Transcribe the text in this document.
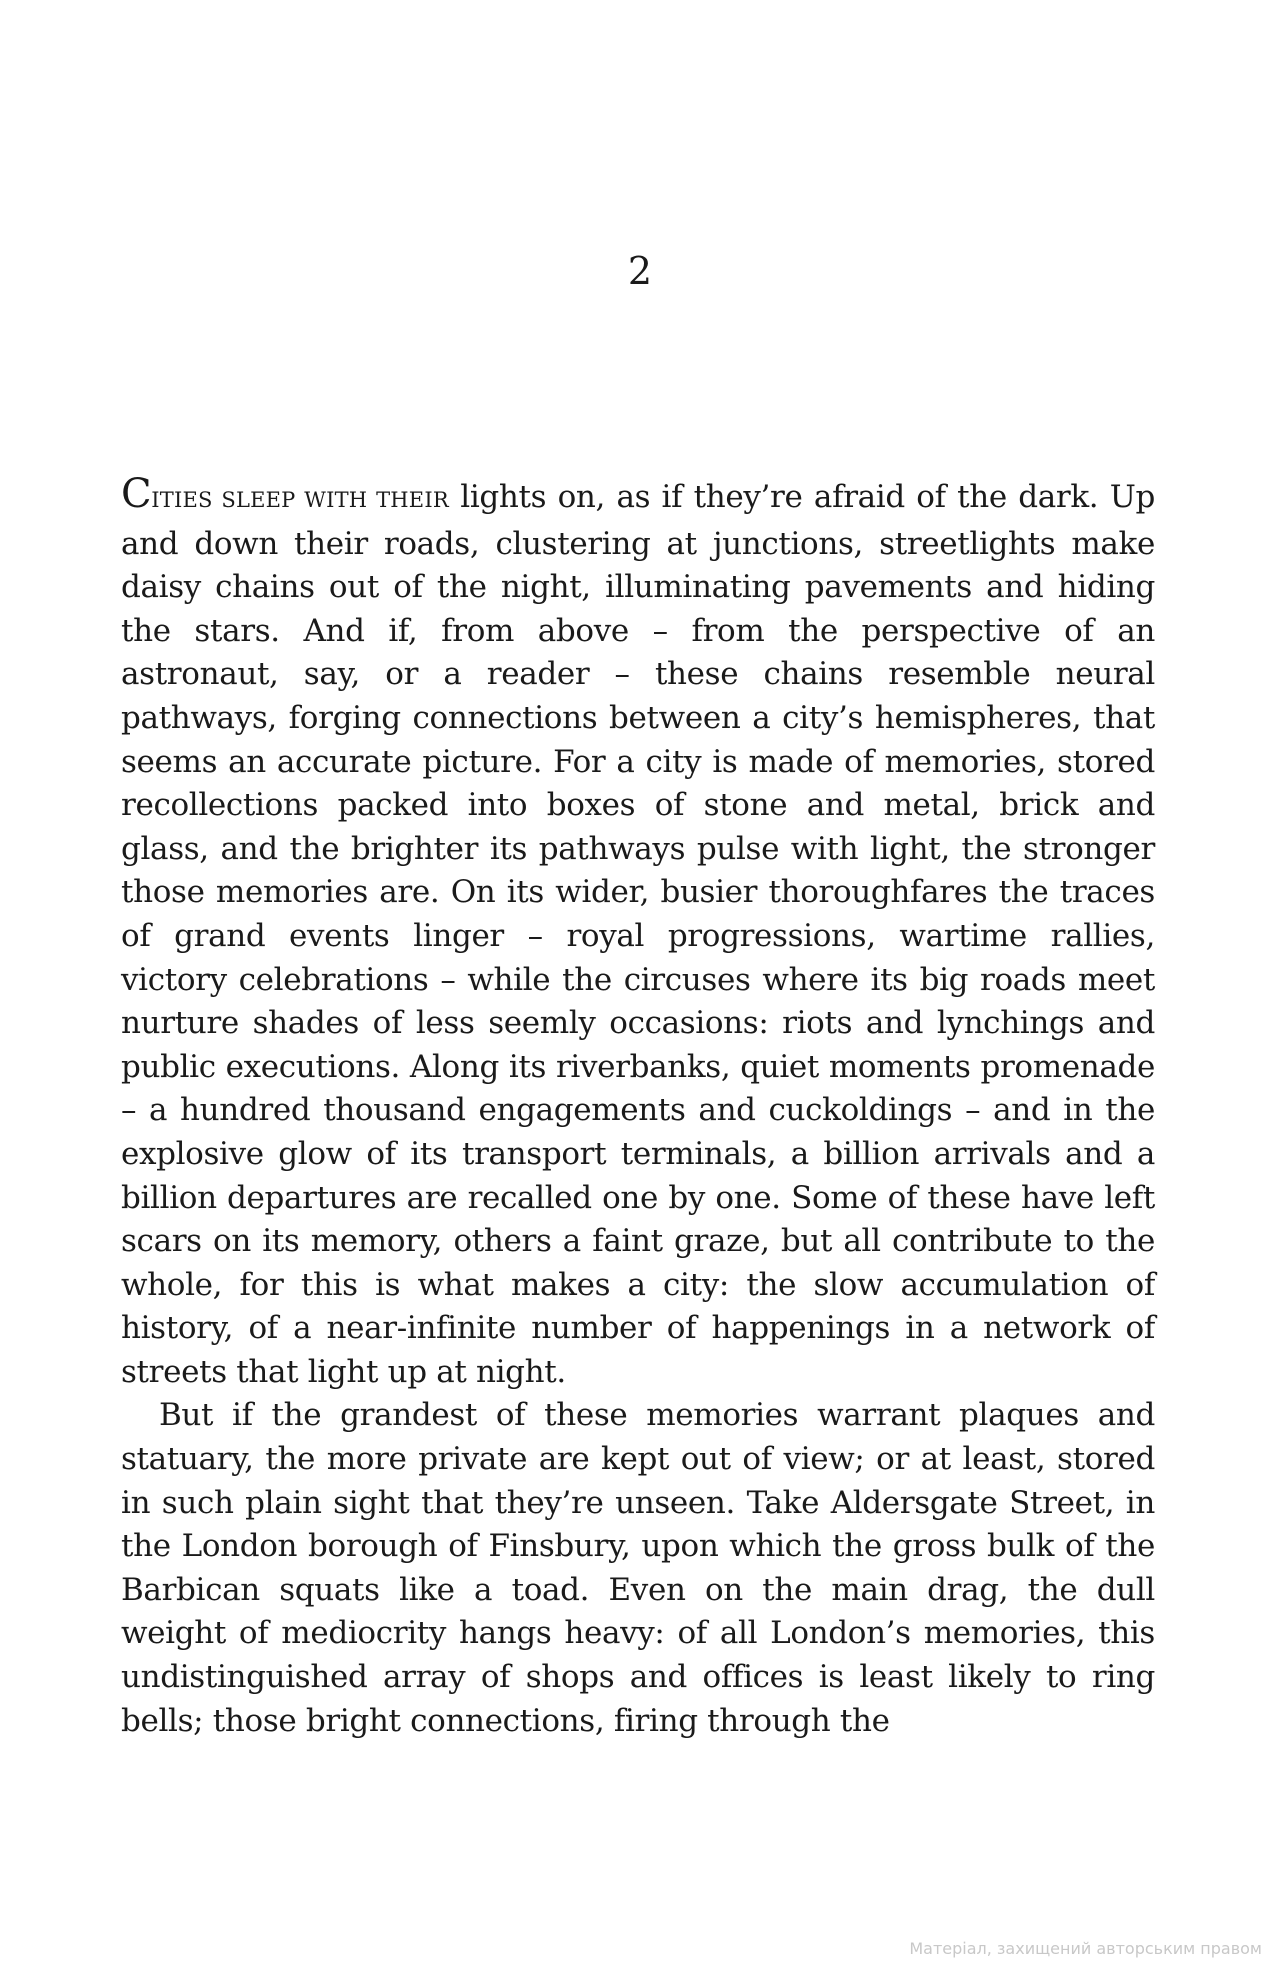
2

CITIES SLEEP WITH THEIR lights on, as if they’re afraid of the dark. Up and down their roads, clustering at junctions, streetlights make daisy chains out of the night, illuminating pavements and hiding the stars. And if, from above – from the perspective of an astronaut, say, or a reader – these chains resemble neural pathways, forging connections between a city’s hemispheres, that seems an accurate picture. For a city is made of memories, stored recollections packed into boxes of stone and metal, brick and glass, and the brighter its pathways pulse with light, the stronger those memories are. On its wider, busier thoroughfares the traces of grand events linger – royal progressions, wartime rallies, victory celebrations – while the circuses where its big roads meet nurture shades of less seemly occasions: riots and lynchings and public executions. Along its riverbanks, quiet moments promenade – a hundred thousand engagements and cuckoldings – and in the explosive glow of its transport terminals, a billion arrivals and a billion departures are recalled one by one. Some of these have left scars on its memory, others a faint graze, but all contribute to the whole, for this is what makes a city: the slow accumulation of history, of a near-infinite number of happenings in a network of streets that light up at night.

But if the grandest of these memories warrant plaques and statuary, the more private are kept out of view; or at least, stored in such plain sight that they’re unseen. Take Aldersgate Street, in the London borough of Finsbury, upon which the gross bulk of the Barbican squats like a toad. Even on the main drag, the dull weight of mediocrity hangs heavy: of all London’s memories, this undistinguished array of shops and offices is least likely to ring bells; those bright connections, firing through the

Матеріал, захищений авторським правом
